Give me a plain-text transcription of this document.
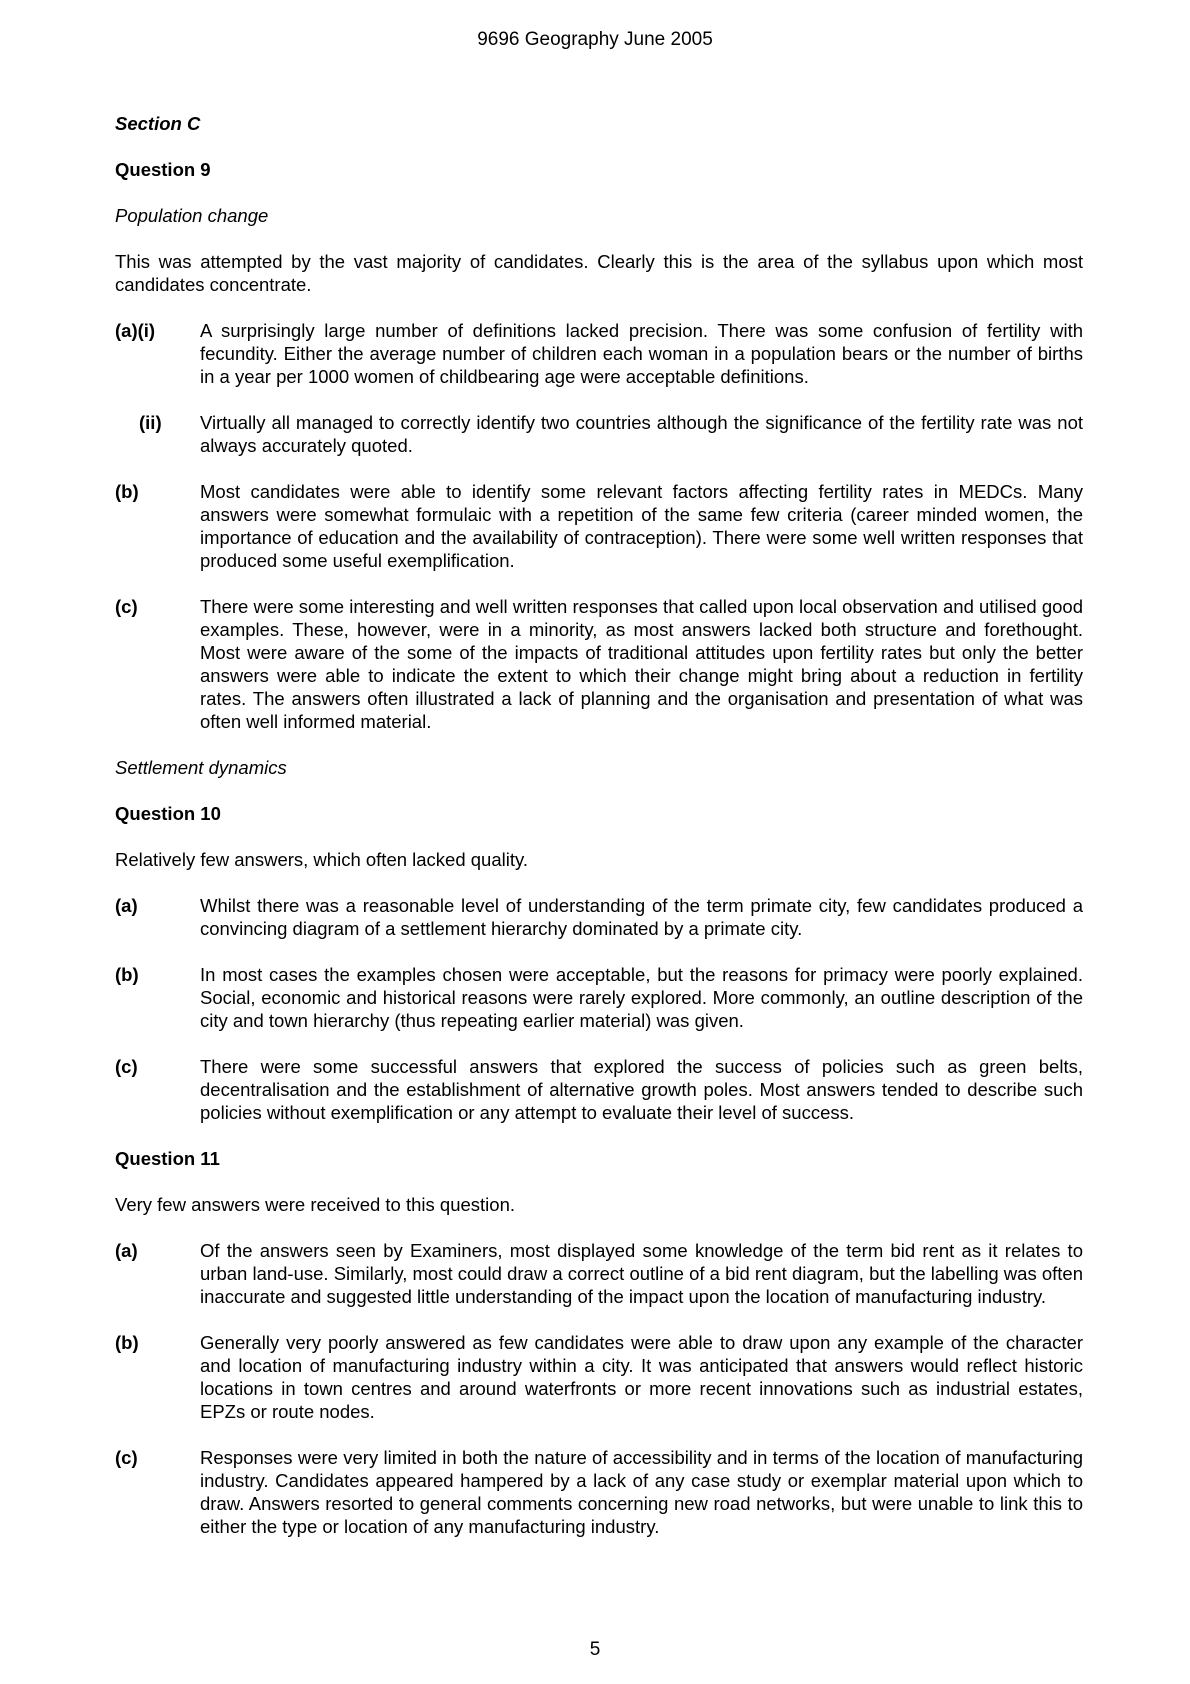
9696 Geography June 2005
Section C
Question 9
Population change
This was attempted by the vast majority of candidates. Clearly this is the area of the syllabus upon which most candidates concentrate.
(a)(i)	A surprisingly large number of definitions lacked precision. There was some confusion of fertility with fecundity. Either the average number of children each woman in a population bears or the number of births in a year per 1000 women of childbearing age were acceptable definitions.
(ii)	Virtually all managed to correctly identify two countries although the significance of the fertility rate was not always accurately quoted.
(b)	Most candidates were able to identify some relevant factors affecting fertility rates in MEDCs. Many answers were somewhat formulaic with a repetition of the same few criteria (career minded women, the importance of education and the availability of contraception). There were some well written responses that produced some useful exemplification.
(c)	There were some interesting and well written responses that called upon local observation and utilised good examples. These, however, were in a minority, as most answers lacked both structure and forethought. Most were aware of the some of the impacts of traditional attitudes upon fertility rates but only the better answers were able to indicate the extent to which their change might bring about a reduction in fertility rates. The answers often illustrated a lack of planning and the organisation and presentation of what was often well informed material.
Settlement dynamics
Question 10
Relatively few answers, which often lacked quality.
(a)	Whilst there was a reasonable level of understanding of the term primate city, few candidates produced a convincing diagram of a settlement hierarchy dominated by a primate city.
(b)	In most cases the examples chosen were acceptable, but the reasons for primacy were poorly explained. Social, economic and historical reasons were rarely explored. More commonly, an outline description of the city and town hierarchy (thus repeating earlier material) was given.
(c)	There were some successful answers that explored the success of policies such as green belts, decentralisation and the establishment of alternative growth poles. Most answers tended to describe such policies without exemplification or any attempt to evaluate their level of success.
Question 11
Very few answers were received to this question.
(a)	Of the answers seen by Examiners, most displayed some knowledge of the term bid rent as it relates to urban land-use. Similarly, most could draw a correct outline of a bid rent diagram, but the labelling was often inaccurate and suggested little understanding of the impact upon the location of manufacturing industry.
(b)	Generally very poorly answered as few candidates were able to draw upon any example of the character and location of manufacturing industry within a city. It was anticipated that answers would reflect historic locations in town centres and around waterfronts or more recent innovations such as industrial estates, EPZs or route nodes.
(c)	Responses were very limited in both the nature of accessibility and in terms of the location of manufacturing industry. Candidates appeared hampered by a lack of any case study or exemplar material upon which to draw. Answers resorted to general comments concerning new road networks, but were unable to link this to either the type or location of any manufacturing industry.
5
